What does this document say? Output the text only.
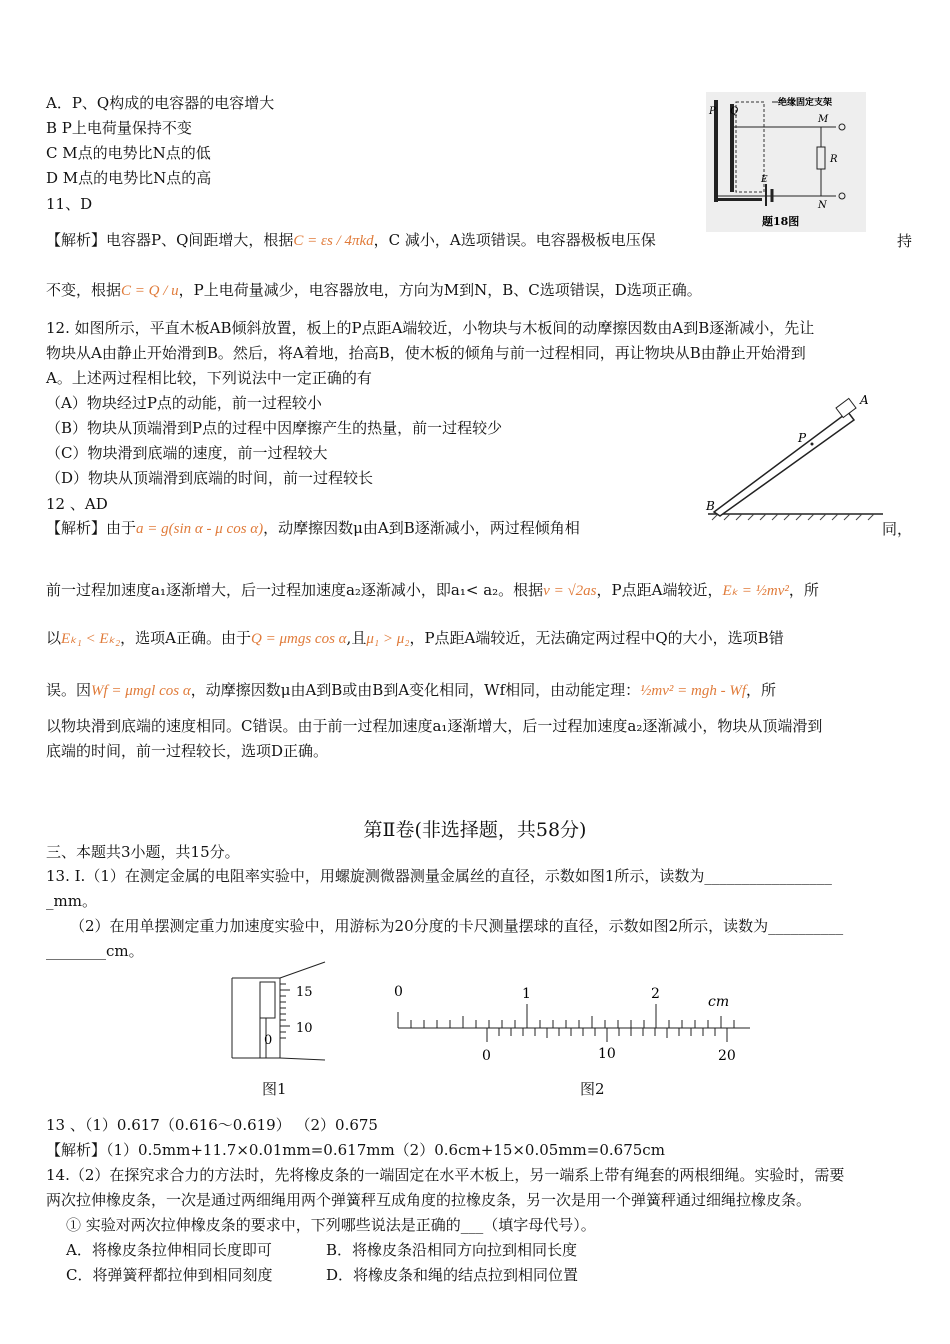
A．P、Q构成的电容器的电容增大
B P上电荷量保持不变
C M点的电势比N点的低
D M点的电势比N点的高
11、D
P Q
M
R
E
N
绝缘固定支架
题18图
【解析】电容器P、Q间距增大，根据C = εs / 4πkd，C 减小，A选项错误。电容器极板电压保	持
不变，根据C = Q / u，P上电荷量减少，电容器放电，方向为M到N，B、C选项错误，D选项正确。
12. 如图所示，平直木板AB倾斜放置，板上的P点距A端较近，小物块与木板间的动摩擦因数由A到B逐渐减小，先让
物块从A由静止开始滑到B。然后，将A着地，抬高B，使木板的倾角与前一过程相同，再让物块从B由静止开始滑到
A。上述两过程相比较，下列说法中一定正确的有
（A）物块经过P点的动能，前一过程较小
（B）物块从顶端滑到P点的过程中因摩擦产生的热量，前一过程较少
（C）物块滑到底端的速度，前一过程较大
（D）物块从顶端滑到底端的时间，前一过程较长
12 、AD
A
B
P
【解析】由于a = g(sin α - μ cos α)，动摩擦因数μ由A到B逐渐减小，两过程倾角相	同，
前一过程加速度a₁逐渐增大，后一过程加速度a₂逐渐减小，即a₁< a₂。根据v = √2as，P点距A端较近，Eₖ = ½mv²，所
以Eₖ₁ < Eₖ₂，选项A正确。由于Q = μmgs cos α,且μ₁ > μ₂，P点距A端较近，无法确定两过程中Q的大小，选项B错
误。因Wf = μmgl cos α，动摩擦因数μ由A到B或由B到A变化相同，Wf相同，由动能定理：½mv² = mgh - Wf，所
以物块滑到底端的速度相同。C错误。由于前一过程加速度a₁逐渐增大，后一过程加速度a₂逐渐减小，物块从顶端滑到
底端的时间，前一过程较长，选项D正确。
第Ⅱ卷(非选择题，共58分)
三、本题共3小题，共15分。
13. Ⅰ.（1）在测定金属的电阻率实验中，用螺旋测微器测量金属丝的直径，示数如图1所示，读数为_________________
_mm。
（2）在用单摆测定重力加速度实验中，用游标为20分度的卡尺测量摆球的直径，示数如图2所示，读数为__________
________cm。
15
10
0
图1
0	1	2	cm
0	10	20
图2
13 、（1）0.617（0.616～0.619） （2）0.675
【解析】（1）0.5mm+11.7×0.01mm=0.617mm（2）0.6cm+15×0.05mm=0.675cm
14.（2）在探究求合力的方法时，先将橡皮条的一端固定在水平木板上，另一端系上带有绳套的两根细绳。实验时，需要
两次拉伸橡皮条，一次是通过两细绳用两个弹簧秤互成角度的拉橡皮条，另一次是用一个弹簧秤通过细绳拉橡皮条。
① 实验对两次拉伸橡皮条的要求中，下列哪些说法是正确的___（填字母代号）。
A．将橡皮条拉伸相同长度即可	B．将橡皮条沿相同方向拉到相同长度
C．将弹簧秤都拉伸到相同刻度	D．将橡皮条和绳的结点拉到相同位置
